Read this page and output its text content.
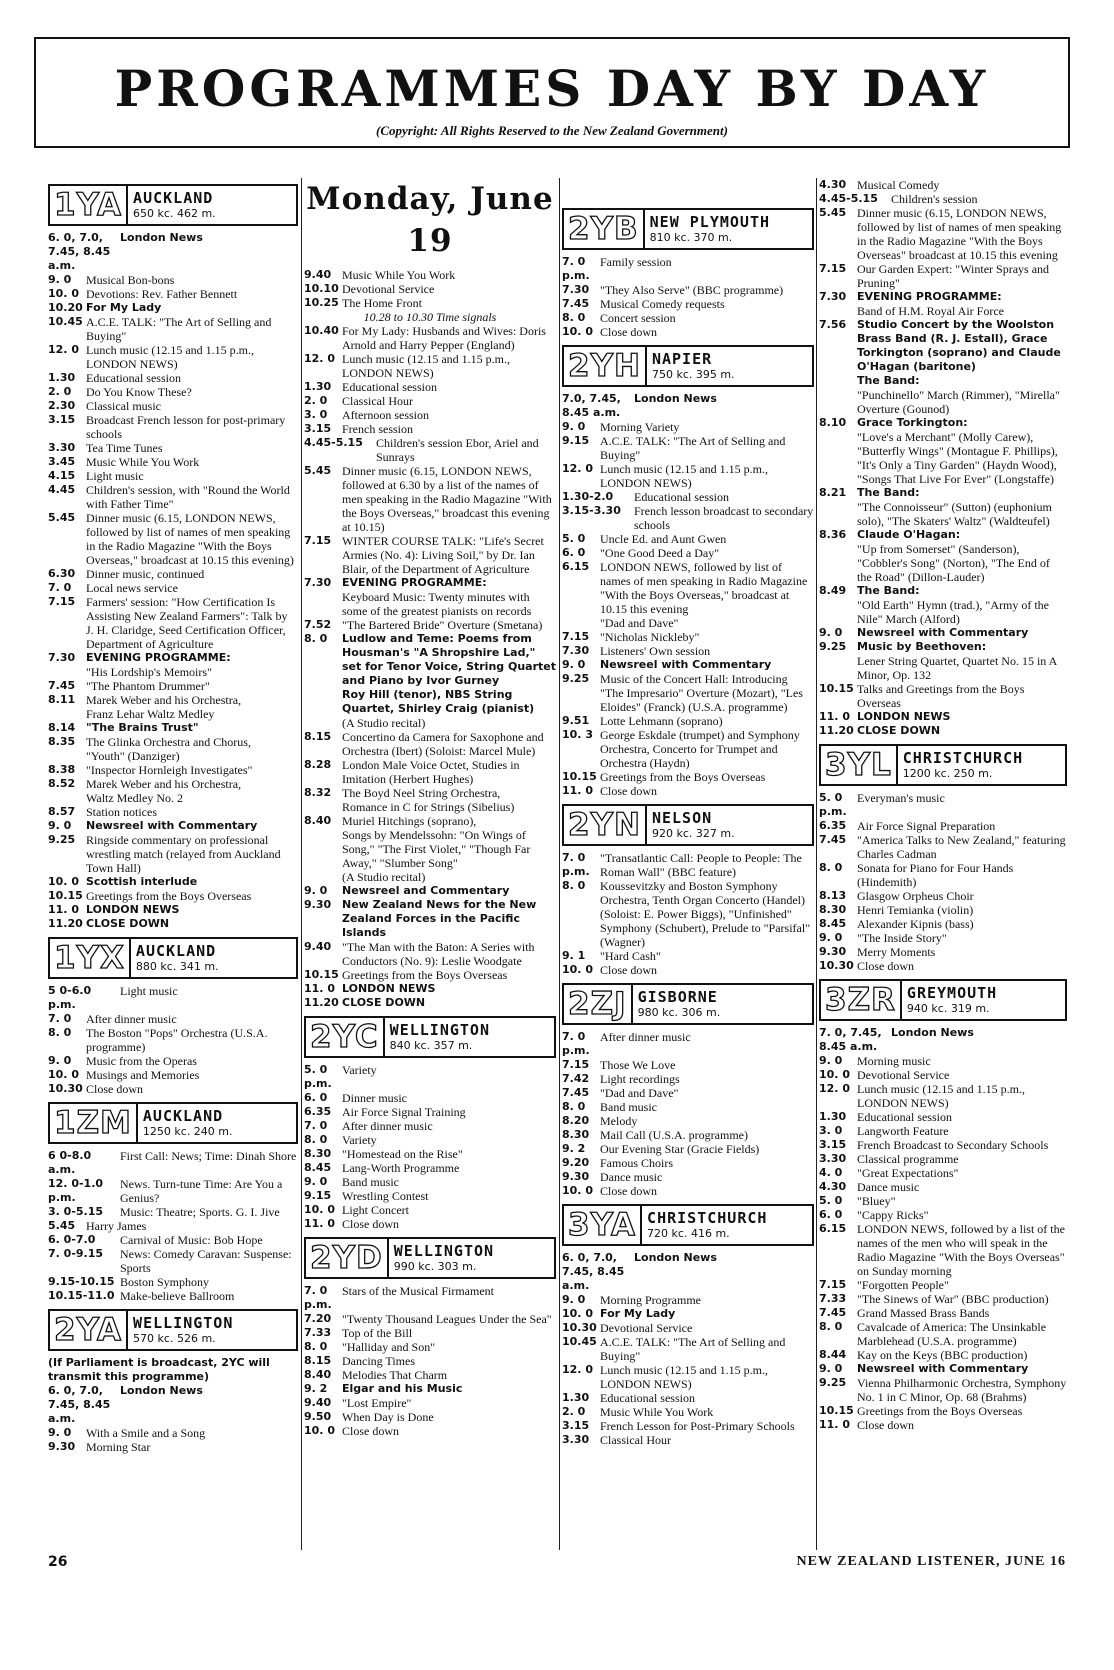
PROGRAMMES DAY BY DAY
(Copyright: All Rights Reserved to the New Zealand Government)
1YA AUCKLAND
650 kc. 462 m.
6. 0, 7.0, 7.45, 8.45 a.m.
London News
9. 0	Musical Bon-bons
10. 0 Devotions: Rev. Father Bennett
10.20 For My Lady
10.45 A.C.E. TALK: "The Art of Selling and Buying"
12. 0 Lunch music (12.15 and 1.15 p.m., LONDON NEWS)
1.30 Educational session
2. 0	Do You Know These?
2.30 Classical music
3.15 Broadcast French lesson for post-primary schools
3.30 Tea Time Tunes
3.45 Music While You Work
4.15 Light music
4.45 Children's session, with "Round the World with Father Time"
5.45 Dinner music (6.15, LONDON NEWS, followed by list of names of men speaking in the Radio Magazine "With the Boys Overseas," broadcast at 10.15 this evening)
6.30 Dinner music, continued
7. 0	Local news service
7.15 Farmers' session: "How Certification Is Assisting New Zealand Farmers": Talk by J. H. Claridge, Seed Certification Officer, Department of Agriculture
7.30 EVENING PROGRAMME:
"His Lordship's Memoirs"
7.45 "The Phantom Drummer"
8.11 Marek Weber and his Orchestra,
Franz Lehar Waltz Medley
8.14 "The Brains Trust"
8.35 The Glinka Orchestra and Chorus,
"Youth" (Danziger)
8.38 "Inspector Hornleigh Investigates"
8.52 Marek Weber and his Orchestra,
Waltz Medley No. 2
8.57 Station notices
9. 0	Newsreel with Commentary
9.25 Ringside commentary on professional wrestling match (relayed from Auckland Town Hall)
10. 0 Scottish interlude
10.15 Greetings from the Boys Overseas
11. 0 LONDON NEWS
11.20 CLOSE DOWN
1YX AUCKLAND
880 kc. 341 m.
5 0-6.0 p.m.
Light music
7. 0	After dinner music
8. 0	The Boston "Pops" Orchestra (U.S.A. programme)
9. 0	Music from the Operas
10. 0 Musings and Memories
10.30 Close down
1ZM AUCKLAND
1250 kc. 240 m.
6 0-8.0 a.m.
First Call: News; Time: Dinah Shore
12. 0-1.0 p.m.
News. Turn-tune Time: Are You a Genius?
3. 0-5.15	Music: Theatre; Sports. G. I. Jive
5.45 Harry James
6. 0-7.0	Carnival of Music: Bob Hope
7. 0-9.15	News: Comedy Caravan: Suspense: Sports
9.15-10.15 Boston Symphony
10.15-11.0 Make-believe Ballroom
2YA WELLINGTON
570 kc. 526 m.
(If Parliament is broadcast, 2YC will transmit this programme)
6. 0, 7.0, 7.45, 8.45 a.m.
London News
9. 0	With a Smile and a Song
9.30 Morning Star
Monday, June 19
9.40 Music While You Work
10.10 Devotional Service
10.25 The Home Front
10.28 to 10.30 Time signals
10.40 For My Lady: Husbands and Wives: Doris Arnold and Harry Pepper (England)
12. 0 Lunch music (12.15 and 1.15 p.m., LONDON NEWS)
1.30 Educational session
2. 0	Classical Hour
3. 0	Afternoon session
3.15 French session
4.45-5.15	Children's session Ebor, Ariel and Sunrays
5.45 Dinner music (6.15, LONDON NEWS, followed at 6.30 by a list of the names of men speaking in the Radio Magazine "With the Boys Overseas," broadcast this evening at 10.15)
7.15 WINTER COURSE TALK: "Life's Secret Armies (No. 4): Living Soil," by Dr. Ian Blair, of the Department of Agriculture
7.30 EVENING PROGRAMME:
Keyboard Music: Twenty minutes with some of the greatest pianists on records
7.52 "The Bartered Bride" Overture (Smetana)
8. 0	Ludlow and Teme: Poems from Housman's "A Shropshire Lad," set for Tenor Voice, String Quartet and Piano by Ivor Gurney
Roy Hill (tenor), NBS String Quartet, Shirley Craig (pianist)
(A Studio recital)
8.15 Concertino da Camera for Saxophone and Orchestra (Ibert) (Soloist: Marcel Mule)
8.28 London Male Voice Octet, Studies in Imitation (Herbert Hughes)
8.32 The Boyd Neel String Orchestra,
Romance in C for Strings (Sibelius)
8.40 Muriel Hitchings (soprano),
Songs by Mendelssohn: "On Wings of Song," "The First Violet," "Though Far Away," "Slumber Song"
(A Studio recital)
9. 0	Newsreel and Commentary
9.30 New Zealand News for the New Zealand Forces in the Pacific Islands
9.40 "The Man with the Baton: A Series with Conductors (No. 9): Leslie Woodgate
10.15 Greetings from the Boys Overseas
11. 0 LONDON NEWS
11.20 CLOSE DOWN
2YC WELLINGTON
840 kc. 357 m.
5. 0 p.m.
Variety
6. 0	Dinner music
6.35 Air Force Signal Training
7. 0	After dinner music
8. 0	Variety
8.30 "Homestead on the Rise"
8.45 Lang-Worth Programme
9. 0	Band music
9.15 Wrestling Contest
10. 0 Light Concert
11. 0 Close down
2YD WELLINGTON
990 kc. 303 m.
7. 0 p.m.
Stars of the Musical Firmament
7.20 "Twenty Thousand Leagues Under the Sea"
7.33 Top of the Bill
8. 0	"Halliday and Son"
8.15 Dancing Times
8.40 Melodies That Charm
9. 2	Elgar and his Music
9.40 "Lost Empire"
9.50 When Day is Done
10. 0 Close down
2YB NEW PLYMOUTH
810 kc. 370 m.
7. 0 p.m.
Family session
7.30 "They Also Serve" (BBC programme)
7.45 Musical Comedy requests
8. 0	Concert session
10. 0 Close down
2YH NAPIER
750 kc. 395 m.
7.0, 7.45, 8.45 a.m.
London News
9. 0	Morning Variety
9.15 A.C.E. TALK: "The Art of Selling and Buying"
12. 0 Lunch music (12.15 and 1.15 p.m., LONDON NEWS)
1.30-2.0	Educational session
3.15-3.30	French lesson broadcast to secondary schools
5. 0	Uncle Ed. and Aunt Gwen
6. 0	"One Good Deed a Day"
6.15 LONDON NEWS, followed by list of names of men speaking in Radio Magazine "With the Boys Overseas," broadcast at 10.15 this evening
"Dad and Dave"
7.15 "Nicholas Nickleby"
7.30 Listeners' Own session
9. 0	Newsreel with Commentary
9.25 Music of the Concert Hall: Introducing "The Impresario" Overture (Mozart), "Les Eloides" (Franck) (U.S.A. programme)
9.51 Lotte Lehmann (soprano)
10. 3 George Eskdale (trumpet) and Symphony Orchestra, Concerto for Trumpet and Orchestra (Haydn)
10.15 Greetings from the Boys Overseas
11. 0 Close down
2YN NELSON
920 kc. 327 m.
7. 0 p.m.
"Transatlantic Call: People to People: The Roman Wall" (BBC feature)
8. 0	Koussevitzky and Boston Symphony Orchestra, Tenth Organ Concerto (Handel) (Soloist: E. Power Biggs), "Unfinished" Symphony (Schubert), Prelude to "Parsifal" (Wagner)
9. 1	"Hard Cash"
10. 0 Close down
2ZJ GISBORNE
980 kc. 306 m.
7. 0 p.m.
After dinner music
7.15 Those We Love
7.42 Light recordings
7.45 "Dad and Dave"
8. 0	Band music
8.20 Melody
8.30 Mail Call (U.S.A. programme)
9. 2	Our Evening Star (Gracie Fields)
9.20 Famous Choirs
9.30 Dance music
10. 0 Close down
3YA CHRISTCHURCH
720 kc. 416 m.
6. 0, 7.0, 7.45, 8.45 a.m.
London News
9. 0	Morning Programme
10. 0 For My Lady
10.30 Devotional Service
10.45 A.C.E. TALK: "The Art of Selling and Buying"
12. 0 Lunch music (12.15 and 1.15 p.m., LONDON NEWS)
1.30 Educational session
2. 0	Music While You Work
3.15 French Lesson for Post-Primary Schools
3.30 Classical Hour
4.30 Musical Comedy
4.45-5.15	Children's session
5.45 Dinner music (6.15, LONDON NEWS, followed by list of names of men speaking in the Radio Magazine "With the Boys Overseas" broadcast at 10.15 this evening
7.15 Our Garden Expert: "Winter Sprays and Pruning"
7.30 EVENING PROGRAMME:
Band of H.M. Royal Air Force
7.56 Studio Concert by the Woolston Brass Band (R. J. Estall), Grace Torkington (soprano) and Claude O'Hagan (baritone)
The Band:
"Punchinello" March (Rimmer), "Mirella" Overture (Gounod)
8.10 Grace Torkington:
"Love's a Merchant" (Molly Carew), "Butterfly Wings" (Montague F. Phillips), "It's Only a Tiny Garden" (Haydn Wood), "Songs That Live For Ever" (Longstaffe)
8.21 The Band:
"The Connoisseur" (Sutton) (euphonium solo), "The Skaters' Waltz" (Waldteufel)
8.36 Claude O'Hagan:
"Up from Somerset" (Sanderson), "Cobbler's Song" (Norton), "The End of the Road" (Dillon-Lauder)
8.49 The Band:
"Old Earth" Hymn (trad.), "Army of the Nile" March (Alford)
9. 0	Newsreel with Commentary
9.25 Music by Beethoven:
Lener String Quartet, Quartet No. 15 in A Minor, Op. 132
10.15 Talks and Greetings from the Boys Overseas
11. 0 LONDON NEWS
11.20 CLOSE DOWN
3YL CHRISTCHURCH
1200 kc. 250 m.
5. 0 p.m.
Everyman's music
6.35 Air Force Signal Preparation
7.45 "America Talks to New Zealand," featuring Charles Cadman
8. 0	Sonata for Piano for Four Hands (Hindemith)
8.13 Glasgow Orpheus Choir
8.30 Henri Temianka (violin)
8.45 Alexander Kipnis (bass)
9. 0	"The Inside Story"
9.30 Merry Moments
10.30 Close down
3ZR GREYMOUTH
940 kc. 319 m.
7. 0, 7.45, 8.45 a.m.
London News
9. 0	Morning music
10. 0 Devotional Service
12. 0 Lunch music (12.15 and 1.15 p.m., LONDON NEWS)
1.30 Educational session
3. 0	Langworth Feature
3.15 French Broadcast to Secondary Schools
3.30 Classical programme
4. 0	"Great Expectations"
4.30 Dance music
5. 0	"Bluey"
6. 0	"Cappy Ricks"
6.15 LONDON NEWS, followed by a list of the names of the men who will speak in the Radio Magazine "With the Boys Overseas" on Sunday morning
7.15 "Forgotten People"
7.33 "The Sinews of War" (BBC production)
7.45 Grand Massed Brass Bands
8. 0	Cavalcade of America: The Unsinkable Marblehead (U.S.A. programme)
8.44 Kay on the Keys (BBC production)
9. 0	Newsreel with Commentary
9.25 Vienna Philharmonic Orchestra, Symphony No. 1 in C Minor, Op. 68 (Brahms)
10.15 Greetings from the Boys Overseas
11. 0 Close down
26	NEW ZEALAND LISTENER, JUNE 16
